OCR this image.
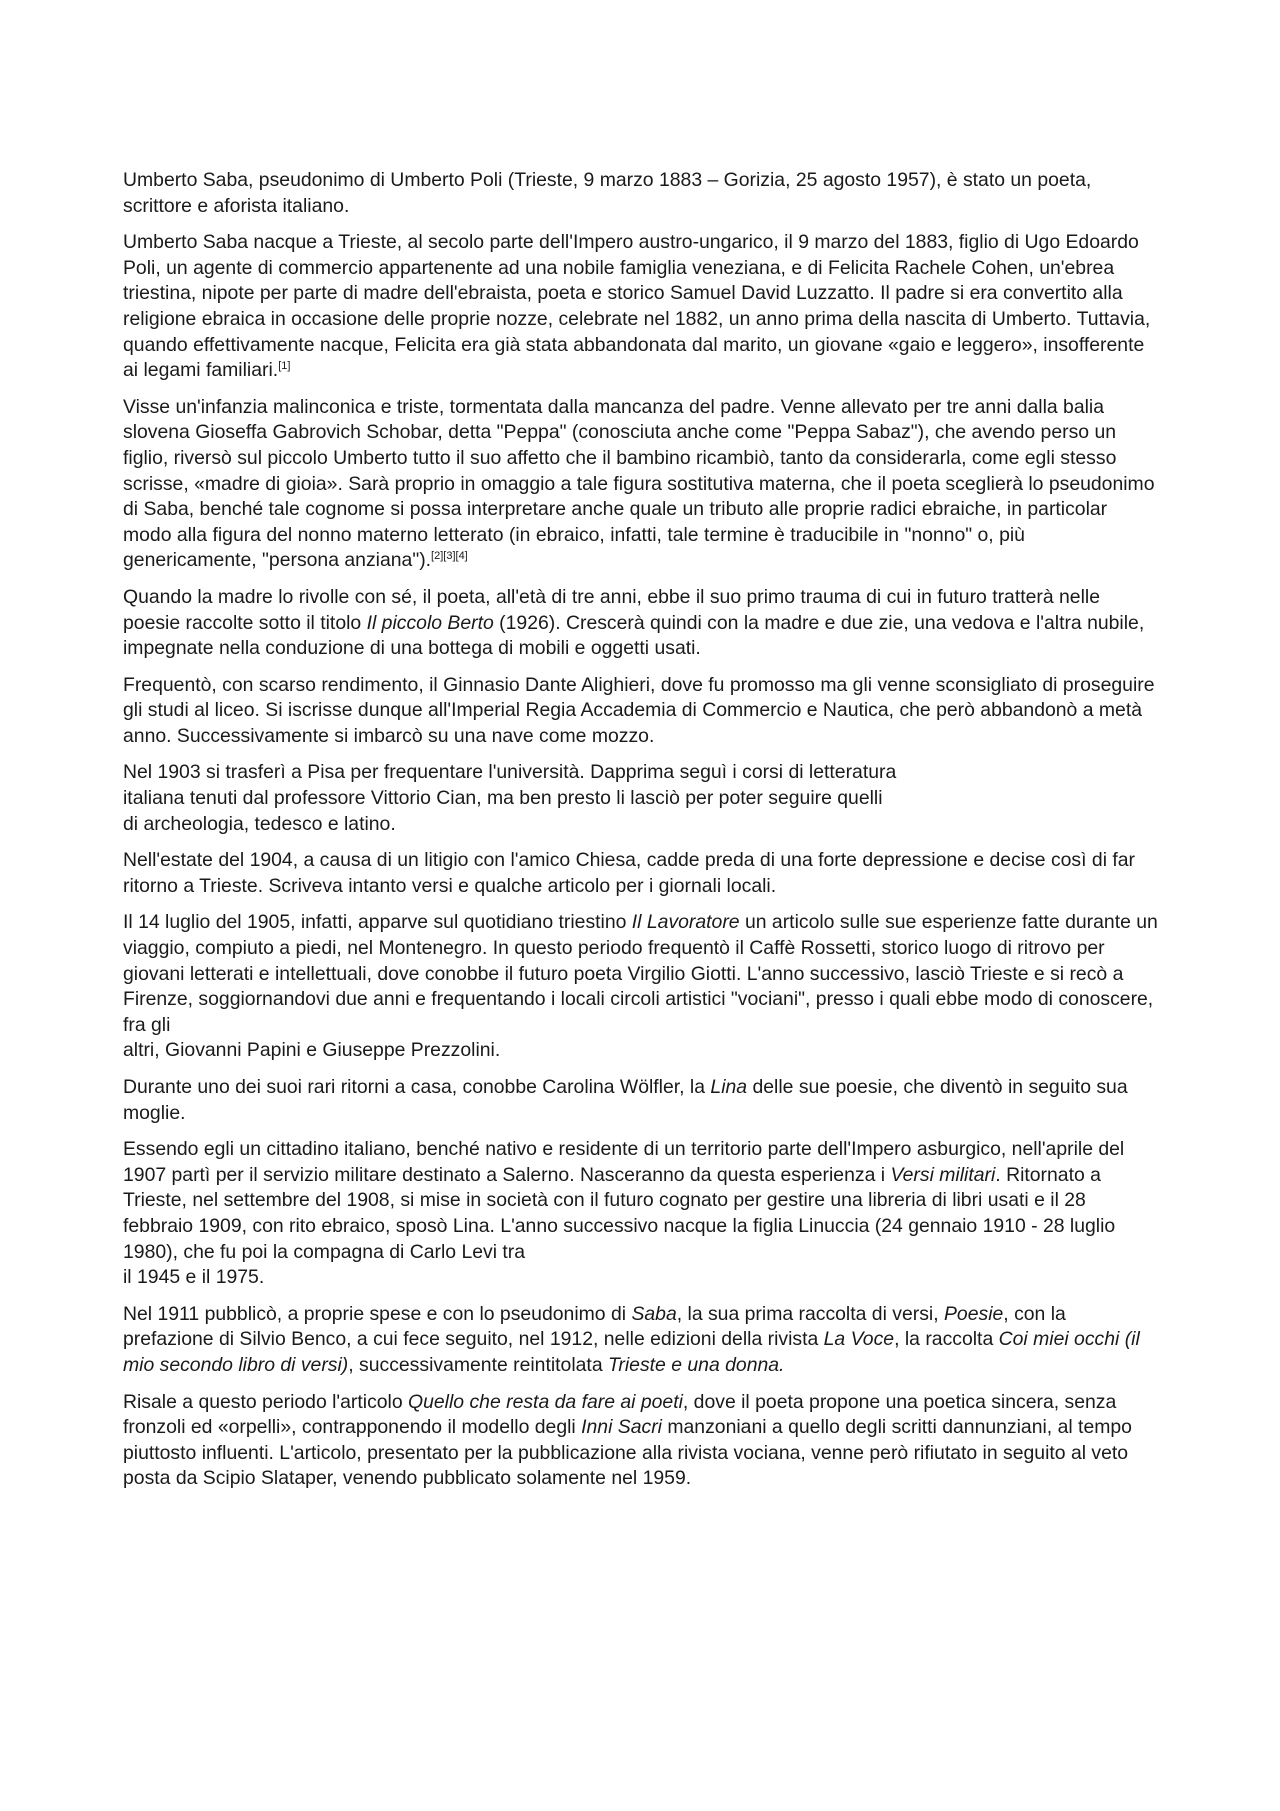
Umberto Saba, pseudonimo di Umberto Poli (Trieste, 9 marzo 1883 – Gorizia, 25 agosto 1957), è stato un poeta, scrittore e aforista italiano.

Umberto Saba nacque a Trieste, al secolo parte dell'Impero austro-ungarico, il 9 marzo del 1883, figlio di Ugo Edoardo Poli, un agente di commercio appartenente ad una nobile famiglia veneziana, e di Felicita Rachele Cohen, un'ebrea triestina, nipote per parte di madre dell'ebraista, poeta e storico Samuel David Luzzatto. Il padre si era convertito alla religione ebraica in occasione delle proprie nozze, celebrate nel 1882, un anno prima della nascita di Umberto. Tuttavia, quando effettivamente nacque, Felicita era già stata abbandonata dal marito, un giovane «gaio e leggero», insofferente ai legami familiari.[1]

Visse un'infanzia malinconica e triste, tormentata dalla mancanza del padre. Venne allevato per tre anni dalla balia slovena Gioseffa Gabrovich Schobar, detta "Peppa" (conosciuta anche come "Peppa Sabaz"), che avendo perso un figlio, riversò sul piccolo Umberto tutto il suo affetto che il bambino ricambiò, tanto da considerarla, come egli stesso scrisse, «madre di gioia». Sarà proprio in omaggio a tale figura sostitutiva materna, che il poeta sceglierà lo pseudonimo di Saba, benché tale cognome si possa interpretare anche quale un tributo alle proprie radici ebraiche, in particolar modo alla figura del nonno materno letterato (in ebraico, infatti, tale termine è traducibile in "nonno" o, più genericamente, "persona anziana").[2][3][4]

Quando la madre lo rivolle con sé, il poeta, all'età di tre anni, ebbe il suo primo trauma di cui in futuro tratterà nelle poesie raccolte sotto il titolo Il piccolo Berto (1926). Crescerà quindi con la madre e due zie, una vedova e l'altra nubile, impegnate nella conduzione di una bottega di mobili e oggetti usati.

Frequentò, con scarso rendimento, il Ginnasio Dante Alighieri, dove fu promosso ma gli venne sconsigliato di proseguire gli studi al liceo. Si iscrisse dunque all'Imperial Regia Accademia di Commercio e Nautica, che però abbandonò a metà anno. Successivamente si imbarcò su una nave come mozzo.

Nel 1903 si trasferì a Pisa per frequentare l'università. Dapprima seguì i corsi di letteratura
italiana tenuti dal professore Vittorio Cian, ma ben presto li lasciò per poter seguire quelli
di archeologia, tedesco e latino.

Nell'estate del 1904, a causa di un litigio con l'amico Chiesa, cadde preda di una forte depressione e decise così di far ritorno a Trieste. Scriveva intanto versi e qualche articolo per i giornali locali.

Il 14 luglio del 1905, infatti, apparve sul quotidiano triestino Il Lavoratore un articolo sulle sue esperienze fatte durante un viaggio, compiuto a piedi, nel Montenegro. In questo periodo frequentò il Caffè Rossetti, storico luogo di ritrovo per giovani letterati e intellettuali, dove conobbe il futuro poeta Virgilio Giotti. L'anno successivo, lasciò Trieste e si recò a Firenze, soggiornandovi due anni e frequentando i locali circoli artistici "vociani", presso i quali ebbe modo di conoscere, fra gli
altri, Giovanni Papini e Giuseppe Prezzolini.

Durante uno dei suoi rari ritorni a casa, conobbe Carolina Wölfler, la Lina delle sue poesie, che diventò in seguito sua moglie.

Essendo egli un cittadino italiano, benché nativo e residente di un territorio parte dell'Impero asburgico, nell'aprile del 1907 partì per il servizio militare destinato a Salerno. Nasceranno da questa esperienza i Versi militari. Ritornato a Trieste, nel settembre del 1908, si mise in società con il futuro cognato per gestire una libreria di libri usati e il 28 febbraio 1909, con rito ebraico, sposò Lina. L'anno successivo nacque la figlia Linuccia (24 gennaio 1910 - 28 luglio 1980), che fu poi la compagna di Carlo Levi tra
il 1945 e il 1975.

Nel 1911 pubblicò, a proprie spese e con lo pseudonimo di Saba, la sua prima raccolta di versi, Poesie, con la prefazione di Silvio Benco, a cui fece seguito, nel 1912, nelle edizioni della rivista La Voce, la raccolta Coi miei occhi (il mio secondo libro di versi), successivamente reintitolata Trieste e una donna.

Risale a questo periodo l'articolo Quello che resta da fare ai poeti, dove il poeta propone una poetica sincera, senza fronzoli ed «orpelli», contrapponendo il modello degli Inni Sacri manzoniani a quello degli scritti dannunziani, al tempo piuttosto influenti. L'articolo, presentato per la pubblicazione alla rivista vociana, venne però rifiutato in seguito al veto posta da Scipio Slataper, venendo pubblicato solamente nel 1959.
